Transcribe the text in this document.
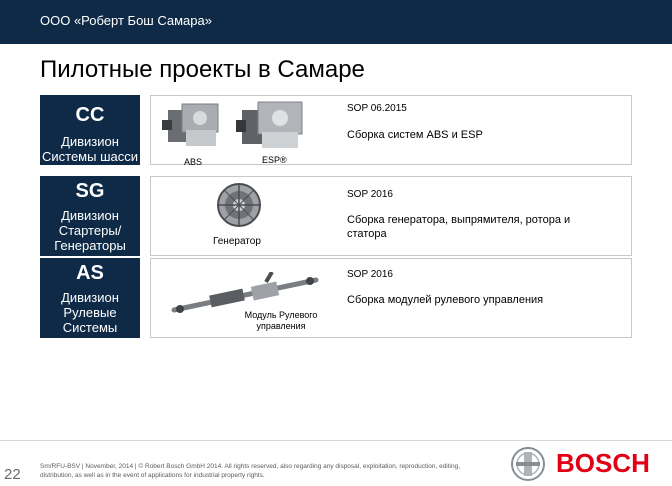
ООО «Роберт Бош Самара»
Пилотные проекты в Самаре
CC
Дивизион
Системы шасси	ABS	ESP®
SOP 06.2015
Сборка систем ABS и ESP
SG
Дивизион
Стартеры/
Генераторы	Генератор
SOP 2016
Сборка генератора, выпрямителя, ротора и статора
AS
Дивизион
Рулевые
Системы
Модуль Рулевого управления
SOP 2016
Сборка модулей рулевого управления
22	Sm/RFU-BSV | November, 2014 | © Robert Bosch GmbH 2014. All rights reserved, also regarding any disposal, exploitation, reproduction, editing, distribution, as well as in the event of applications for industrial property rights.	BOSCH
